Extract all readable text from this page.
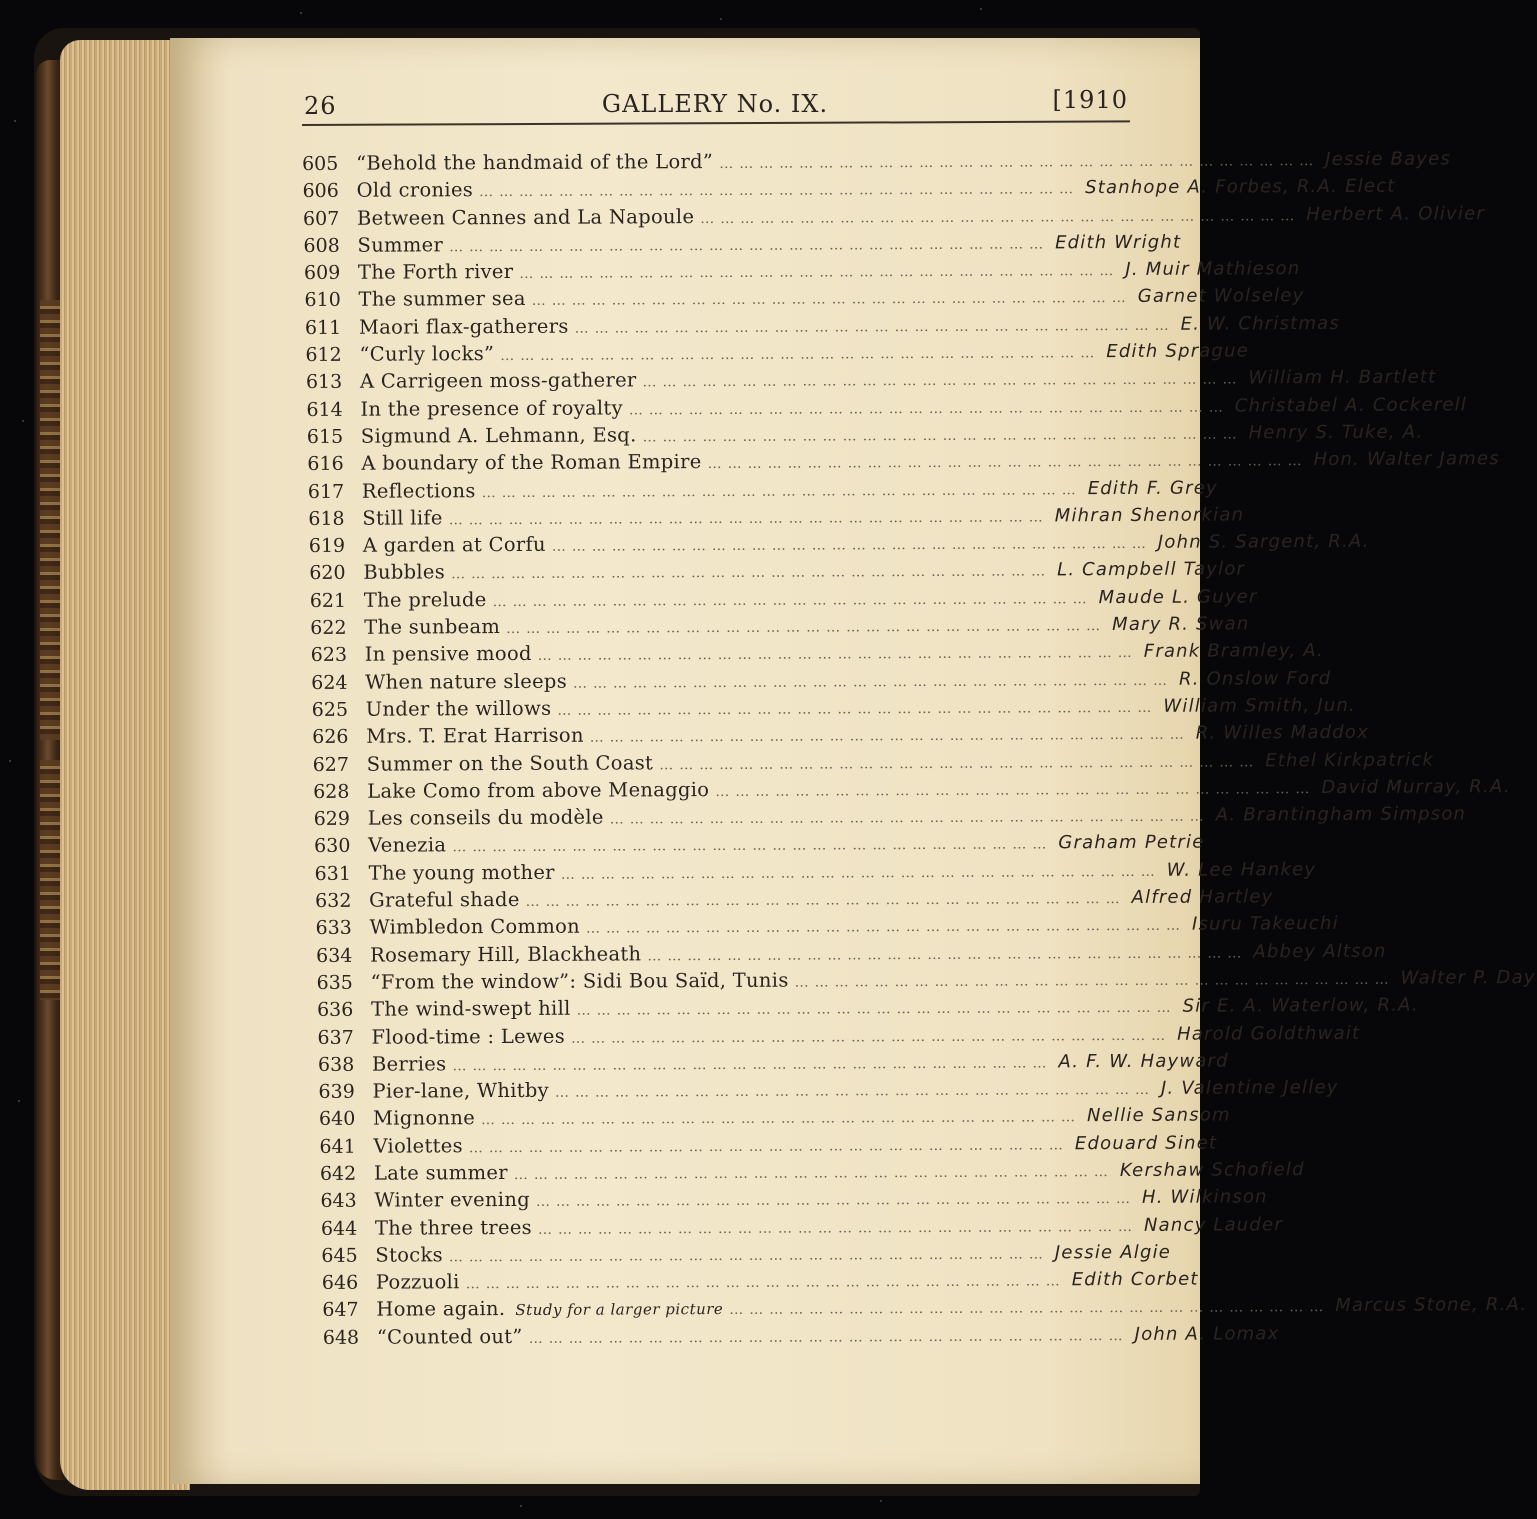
26	GALLERY No. IX.	[1910
605 “Behold the handmaid of the Lord” ……………………………………………………………………………… Jessie Bayes
606 Old cronies ……………………………………………………………………………… Stanhope A. Forbes, R.A. Elect
607 Between Cannes and La Napoule ……………………………………………………………………………… Herbert A. Olivier
608 Summer ……………………………………………………………………………… Edith Wright
609 The Forth river ……………………………………………………………………………… J. Muir Mathieson
610 The summer sea ……………………………………………………………………………… Garnet Wolseley
611 Maori flax-gatherers ……………………………………………………………………………… E. W. Christmas
612 “Curly locks” ……………………………………………………………………………… Edith Sprague
613 A Carrigeen moss-gatherer ……………………………………………………………………………… William H. Bartlett
614 In the presence of royalty ……………………………………………………………………………… Christabel A. Cockerell
615 Sigmund A. Lehmann, Esq. ……………………………………………………………………………… Henry S. Tuke, A.
616 A boundary of the Roman Empire ……………………………………………………………………………… Hon. Walter James
617 Reflections ……………………………………………………………………………… Edith F. Grey
618 Still life ……………………………………………………………………………… Mihran Shenorkian
619 A garden at Corfu ……………………………………………………………………………… John S. Sargent, R.A.
620 Bubbles ……………………………………………………………………………… L. Campbell Taylor
621 The prelude ……………………………………………………………………………… Maude L. Guyer
622 The sunbeam ……………………………………………………………………………… Mary R. Swan
623 In pensive mood ……………………………………………………………………………… Frank Bramley, A.
624 When nature sleeps ……………………………………………………………………………… R. Onslow Ford
625 Under the willows ……………………………………………………………………………… William Smith, Jun.
626 Mrs. T. Erat Harrison ……………………………………………………………………………… R. Willes Maddox
627 Summer on the South Coast ……………………………………………………………………………… Ethel Kirkpatrick
628 Lake Como from above Menaggio ……………………………………………………………………………… David Murray, R.A.
629 Les conseils du modèle ……………………………………………………………………………… A. Brantingham Simpson
630 Venezia ……………………………………………………………………………… Graham Petrie
631 The young mother ……………………………………………………………………………… W. Lee Hankey
632 Grateful shade ……………………………………………………………………………… Alfred Hartley
633 Wimbledon Common ……………………………………………………………………………… Isuru Takeuchi
634 Rosemary Hill, Blackheath ……………………………………………………………………………… Abbey Altson
635 “From the window”: Sidi Bou Saïd, Tunis ……………………………………………………………………………… Walter P. Day
636 The wind-swept hill ……………………………………………………………………………… Sir E. A. Waterlow, R.A.
637 Flood-time : Lewes ……………………………………………………………………………… Harold Goldthwait
638 Berries ……………………………………………………………………………… A. F. W. Hayward
639 Pier-lane, Whitby ……………………………………………………………………………… J. Valentine Jelley
640 Mignonne ……………………………………………………………………………… Nellie Sansom
641 Violettes ……………………………………………………………………………… Edouard Sinet
642 Late summer ……………………………………………………………………………… Kershaw Schofield
643 Winter evening ……………………………………………………………………………… H. Wilkinson
644 The three trees ……………………………………………………………………………… Nancy Lauder
645 Stocks ……………………………………………………………………………… Jessie Algie
646 Pozzuoli ……………………………………………………………………………… Edith Corbet
647 Home again. Study for a larger picture ……………………………………………………………………………… Marcus Stone, R.A.
648 “Counted out” ……………………………………………………………………………… John A. Lomax
